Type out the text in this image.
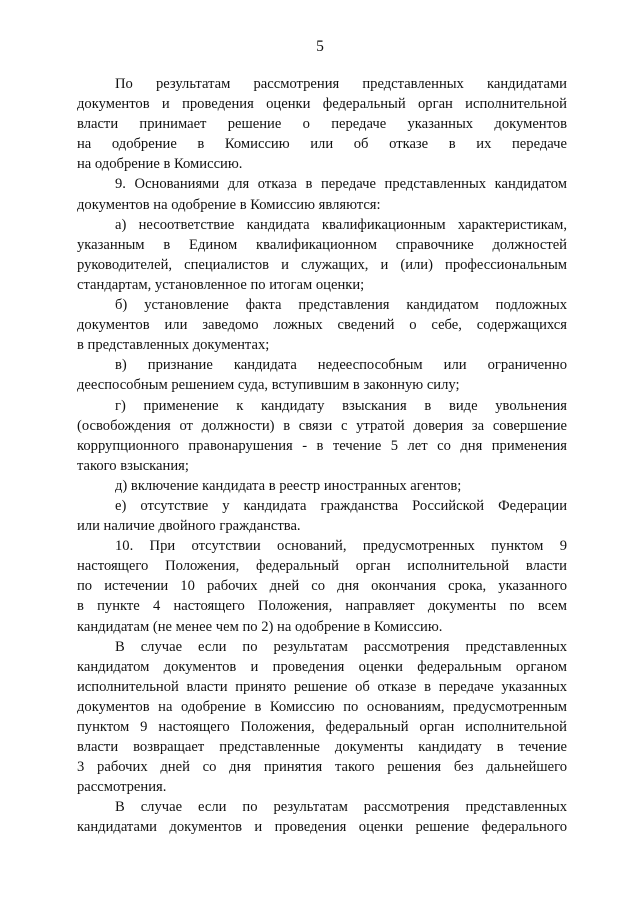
5
По результатам рассмотрения представленных кандидатами
документов и проведения оценки федеральный орган исполнительной
власти принимает решение о передаче указанных документов
на одобрение в Комиссию или об отказе в их передаче
на одобрение в Комиссию.
9. Основаниями для отказа в передаче представленных кандидатом
документов на одобрение в Комиссию являются:
а) несоответствие кандидата квалификационным характеристикам,
указанным в Едином квалификационном справочнике должностей
руководителей, специалистов и служащих, и (или) профессиональным
стандартам, установленное по итогам оценки;
б) установление факта представления кандидатом подложных
документов или заведомо ложных сведений о себе, содержащихся
в представленных документах;
в) признание кандидата недееспособным или ограниченно
дееспособным решением суда, вступившим в законную силу;
г) применение к кандидату взыскания в виде увольнения
(освобождения от должности) в связи с утратой доверия за совершение
коррупционного правонарушения - в течение 5 лет со дня применения
такого взыскания;
д) включение кандидата в реестр иностранных агентов;
е) отсутствие у кандидата гражданства Российской Федерации
или наличие двойного гражданства.
10. При отсутствии оснований, предусмотренных пунктом 9
настоящего Положения, федеральный орган исполнительной власти
по истечении 10 рабочих дней со дня окончания срока, указанного
в пункте 4 настоящего Положения, направляет документы по всем
кандидатам (не менее чем по 2) на одобрение в Комиссию.
В случае если по результатам рассмотрения представленных
кандидатом документов и проведения оценки федеральным органом
исполнительной власти принято решение об отказе в передаче указанных
документов на одобрение в Комиссию по основаниям, предусмотренным
пунктом 9 настоящего Положения, федеральный орган исполнительной
власти возвращает представленные документы кандидату в течение
3 рабочих дней со дня принятия такого решения без дальнейшего
рассмотрения.
В случае если по результатам рассмотрения представленных
кандидатами документов и проведения оценки решение федерального
